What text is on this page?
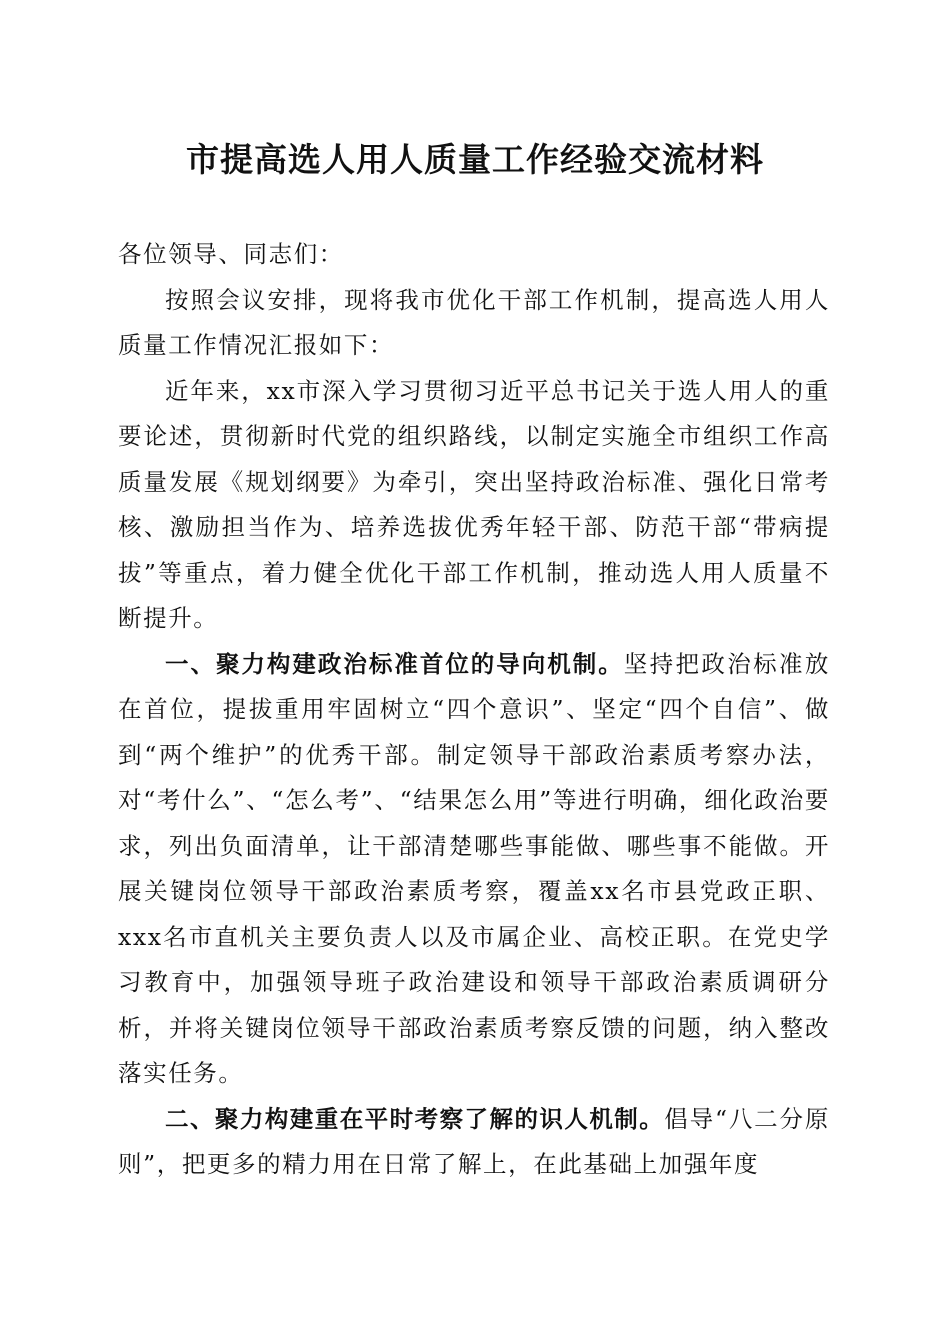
市提高选人用人质量工作经验交流材料

各位领导、同志们：

按照会议安排，现将我市优化干部工作机制，提高选人用人质量工作情况汇报如下：

近年来，xx市深入学习贯彻习近平总书记关于选人用人的重要论述，贯彻新时代党的组织路线，以制定实施全市组织工作高质量发展《规划纲要》为牵引，突出坚持政治标准、强化日常考核、激励担当作为、培养选拔优秀年轻干部、防范干部“带病提拔”等重点，着力健全优化干部工作机制，推动选人用人质量不断提升。

一、聚力构建政治标准首位的导向机制。坚持把政治标准放在首位，提拔重用牢固树立“四个意识”、坚定“四个自信”、做到“两个维护”的优秀干部。制定领导干部政治素质考察办法，对“考什么”、“怎么考”、“结果怎么用”等进行明确，细化政治要求，列出负面清单，让干部清楚哪些事能做、哪些事不能做。开展关键岗位领导干部政治素质考察，覆盖xx名市县党政正职、xxx名市直机关主要负责人以及市属企业、高校正职。在党史学习教育中，加强领导班子政治建设和领导干部政治素质调研分析，并将关键岗位领导干部政治素质考察反馈的问题，纳入整改落实任务。

二、聚力构建重在平时考察了解的识人机制。倡导“八二分原则”，把更多的精力用在日常了解上，在此基础上加强年度
